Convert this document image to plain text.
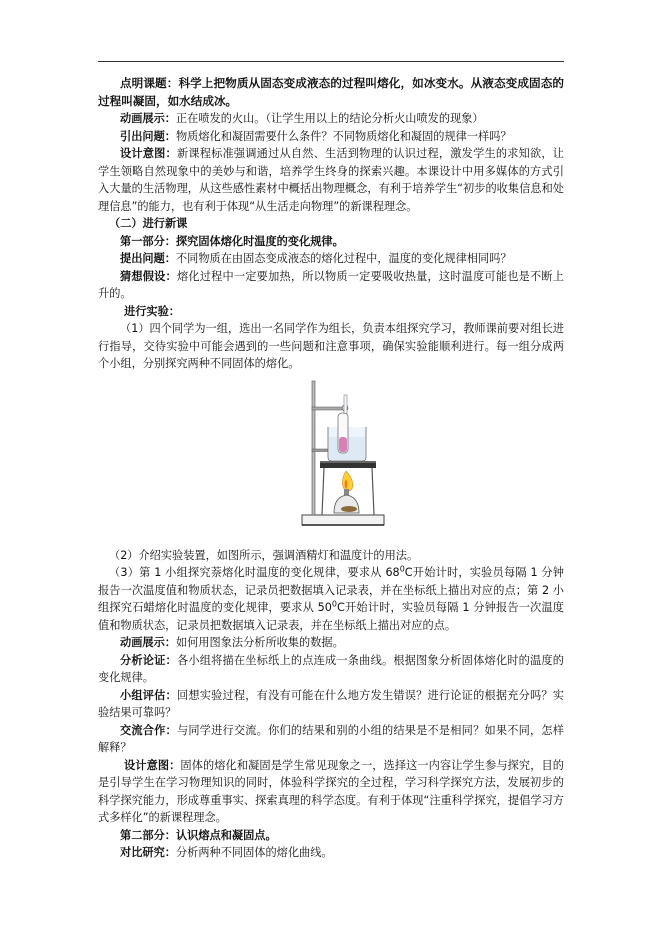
点明课题：科学上把物质从固态变成液态的过程叫熔化，如冰变水。从液态变成固态的过程叫凝固，如水结成冰。

动画展示：正在喷发的火山。（让学生用以上的结论分析火山喷发的现象）

引出问题：物质熔化和凝固需要什么条件？不同物质熔化和凝固的规律一样吗？

设计意图：新课程标准强调通过从自然、生活到物理的认识过程，激发学生的求知欲，让学生领略自然现象中的美妙与和谐，培养学生终身的探索兴趣。本课设计中用多媒体的方式引入大量的生活物理，从这些感性素材中概括出物理概念，有利于培养学生“初步的收集信息和处理信息”的能力，也有利于体现“从生活走向物理”的新课程理念。

（二）进行新课

第一部分：探究固体熔化时温度的变化规律。

提出问题：不同物质在由固态变成液态的熔化过程中，温度的变化规律相同吗？

猜想假设：熔化过程中一定要加热，所以物质一定要吸收热量，这时温度可能也是不断上升的。

进行实验：

（1）四个同学为一组，选出一名同学作为组长，负责本组探究学习，教师课前要对组长进行指导，交待实验中可能会遇到的一些问题和注意事项，确保实验能顺利进行。每一组分成两个小组，分别探究两种不同固体的熔化。

（2）介绍实验装置，如图所示，强调酒精灯和温度计的用法。

（3）第 1 小组探究萘熔化时温度的变化规律，要求从 $68^0C$开始计时，实验员每隔 1 分钟报告一次温度值和物质状态，记录员把数据填入记录表，并在坐标纸上描出对应的点；第 2 小组探究石蜡熔化时温度的变化规律，要求从 $50^0C$开始计时，实验员每隔 1 分钟报告一次温度值和物质状态，记录员把数据填入记录表，并在坐标纸上描出对应的点。

动画展示：如何用图象法分析所收集的数据。

分析论证：各小组将描在坐标纸上的点连成一条曲线。根据图象分析固体熔化时的温度的变化规律。

小组评估：回想实验过程，有没有可能在什么地方发生错误？进行论证的根据充分吗？实验结果可靠吗？

交流合作：与同学进行交流。你们的结果和别的小组的结果是不是相同？如果不同，怎样解释？

设计意图：固体的熔化和凝固是学生常见现象之一，选择这一内容让学生参与探究，目的是引导学生在学习物理知识的同时，体验科学探究的全过程，学习科学探究方法，发展初步的科学探究能力，形成尊重事实、探索真理的科学态度。有利于体现“注重科学探究，提倡学习方式多样化”的新课程理念。

第二部分：认识熔点和凝固点。

对比研究：分析两种不同固体的熔化曲线。
